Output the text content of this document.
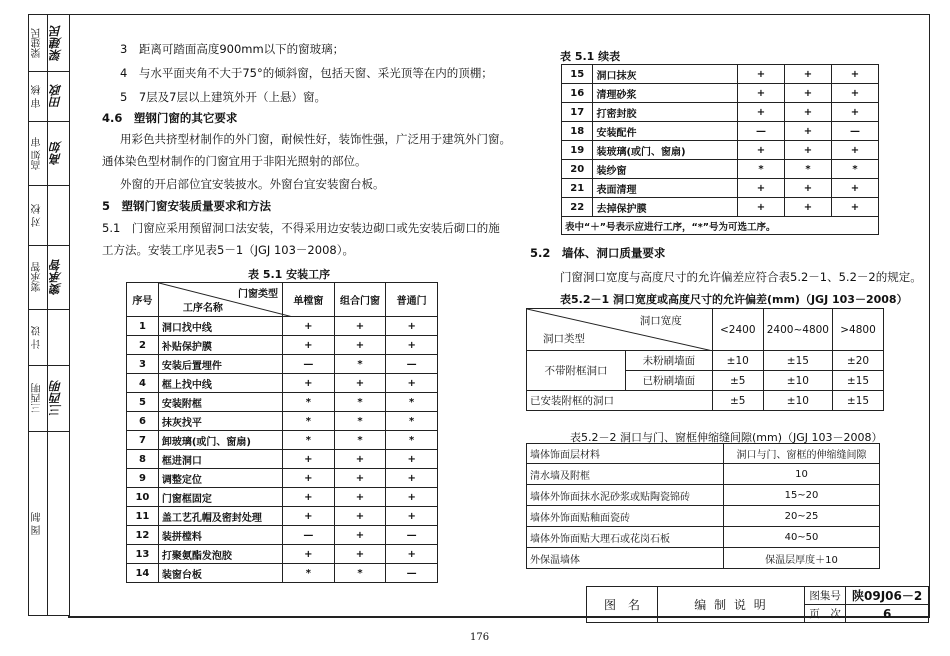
梁建民 梁建民
审 核 田政
高如 审 高如
对 校
窦承智 窦承智
计 设
三西明 三西明
图 制
3　距离可踏面高度900mm以下的窗玻璃；
4　与水平面夹角不大于75°的倾斜窗，包括天窗、采光顶等在内的顶棚；
5　7层及7层以上建筑外开（上悬）窗。
4.6　塑钢门窗的其它要求
用彩色共挤型材制作的外门窗，耐候性好，装饰性强，广泛用于建筑外门窗。
通体染色型材制作的门窗宜用于非阳光照射的部位。
外窗的开启部位宜安装披水。外窗台宜安装窗台板。
5　塑钢门窗安装质量要求和方法
5.1　门窗应采用预留洞口法安装，不得采用边安装边砌口或先安装后砌口的施
工方法。安装工序见表5－1（JGJ 103－2008）。
表 5.1 安装工序
序号	门窗类型
工序名称	单樘窗	组合门窗	普通门
1	洞口找中线	+	+	+
2	补贴保护膜	+	+	+
3	安装后置埋件	—	*	—
4	框上找中线	+	+	+
5	安装附框	*	*	*
6	抹灰找平	*	*	*
7	卸玻璃(或门、窗扇)	*	*	*
8	框进洞口	+	+	+
9	调整定位	+	+	+
10	门窗框固定	+	+	+
11	盖工艺孔帽及密封处理	+	+	+
12	装拼樘料	—	+	—
13	打聚氨酯发泡胶	+	+	+
14	装窗台板	*	*	—
表 5.1 续表
15	洞口抹灰	+	+	+
16	清理砂浆	+	+	+
17	打密封胶	+	+	+
18	安装配件	—	+	—
19	装玻璃(或门、窗扇)	+	+	+
20	装纱窗	*	*	*
21	表面清理	+	+	+
22	去掉保护膜	+	+	+
表中“＋”号表示应进行工序，“*”号为可选工序。				
5.2　墙体、洞口质量要求
门窗洞口宽度与高度尺寸的允许偏差应符合表5.2－1、5.2－2的规定。
表5.2－1 洞口宽度或高度尺寸的允许偏差(mm)（JGJ 103－2008）
洞口宽度
洞口类型		<2400	2400~4800	>4800
不带附框洞口	未粉刷墙面	±10	±15	±20
	已粉刷墙面	±5	±10	±15
已安装附框的洞口		±5	±10	±15
表5.2－2 洞口与门、窗框伸缩缝间隙(mm)（JGJ 103－2008）
墙体饰面层材料	洞口与门、窗框的伸缩缝间隙
清水墙及附框	10
墙体外饰面抹水泥砂浆或贴陶瓷锦砖	15~20
墙体外饰面贴釉面瓷砖	20~25
墙体外饰面贴大理石或花岗石板	40~50
外保温墙体	保温层厚度＋10
图　名	编 制 说 明	图集号	陕09J06－2
		页　次	6
176
